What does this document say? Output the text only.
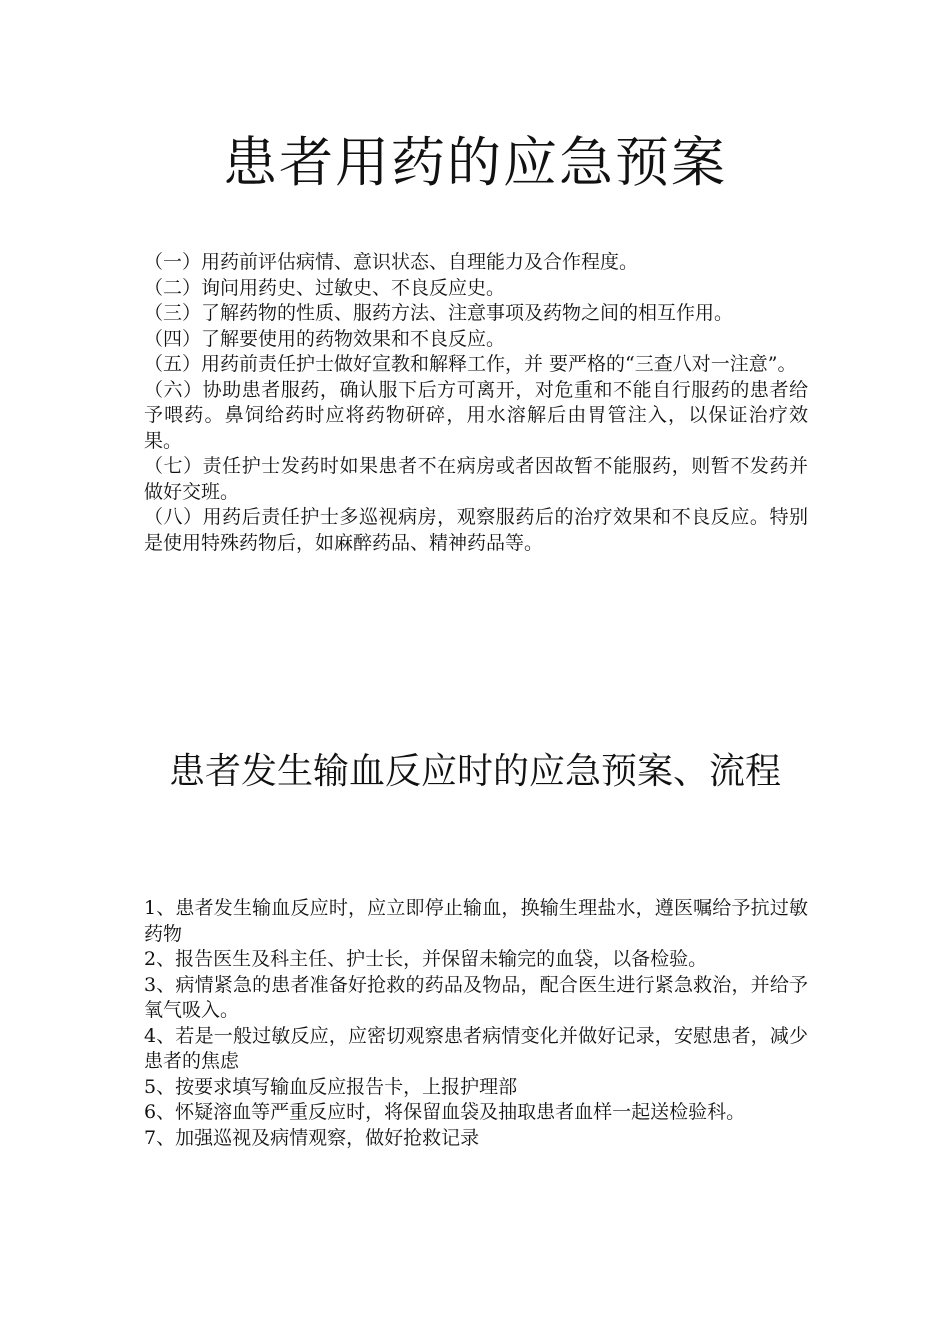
患者用药的应急预案

（一）用药前评估病情、意识状态、自理能力及合作程度。

（二）询问用药史、过敏史、不良反应史。

（三）了解药物的性质、服药方法、注意事项及药物之间的相互作用。

（四）了解要使用的药物效果和不良反应。

（五）用药前责任护士做好宣教和解释工作，并 要严格的“三查八对一注意”。

（六）协助患者服药，确认服下后方可离开，对危重和不能自行服药的患者给予喂药。鼻饲给药时应将药物研碎，用水溶解后由胃管注入，以保证治疗效果。

（七）责任护士发药时如果患者不在病房或者因故暂不能服药，则暂不发药并做好交班。

（八）用药后责任护士多巡视病房，观察服药后的治疗效果和不良反应。特别是使用特殊药物后，如麻醉药品、精神药品等。

患者发生输血反应时的应急预案、流程

1、患者发生输血反应时，应立即停止输血，换输生理盐水，遵医嘱给予抗过敏药物

2、报告医生及科主任、护士长，并保留未输完的血袋，以备检验。

3、病情紧急的患者准备好抢救的药品及物品，配合医生进行紧急救治，并给予氧气吸入。

4、若是一般过敏反应，应密切观察患者病情变化并做好记录，安慰患者，减少患者的焦虑

5、按要求填写输血反应报告卡，上报护理部

6、怀疑溶血等严重反应时，将保留血袋及抽取患者血样一起送检验科。

7、加强巡视及病情观察，做好抢救记录
